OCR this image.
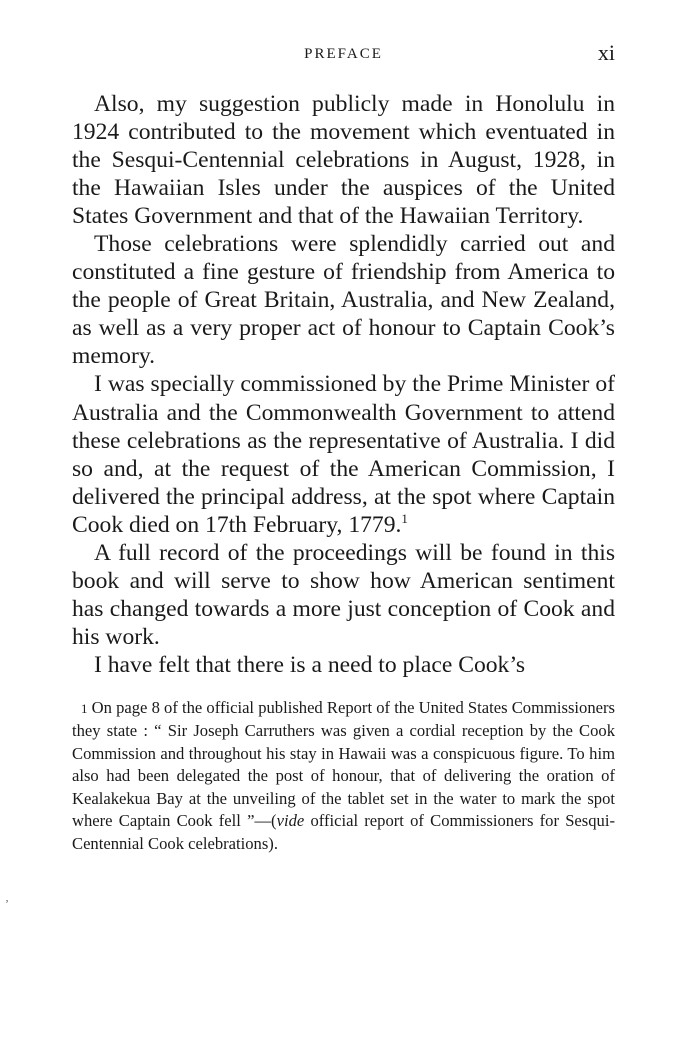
PREFACE	xi

Also, my suggestion publicly made in Honolulu in 1924 contributed to the movement which eventuated in the Sesqui-Centennial celebrations in August, 1928, in the Hawaiian Isles under the auspices of the United States Government and that of the Hawaiian Territory.

Those celebrations were splendidly carried out and constituted a fine gesture of friendship from America to the people of Great Britain, Australia, and New Zealand, as well as a very proper act of honour to Captain Cook’s memory.

I was specially commissioned by the Prime Minister of Australia and the Commonwealth Government to attend these celebrations as the representative of Australia. I did so and, at the request of the American Commission, I delivered the principal address, at the spot where Captain Cook died on 17th February, 1779.$^1$

A full record of the proceedings will be found in this book and will serve to show how American sentiment has changed towards a more just conception of Cook and his work.

I have felt that there is a need to place Cook’s

1 On page 8 of the official published Report of the United States Commissioners they state : “ Sir Joseph Carruthers was given a cordial reception by the Cook Commission and throughout his stay in Hawaii was a conspicuous figure. To him also had been delegated the post of honour, that of delivering the oration of Kealakekua Bay at the unveiling of the tablet set in the water to mark the spot where Captain Cook fell ”—(vide official report of Commissioners for Sesqui-Centennial Cook celebrations).

‚
